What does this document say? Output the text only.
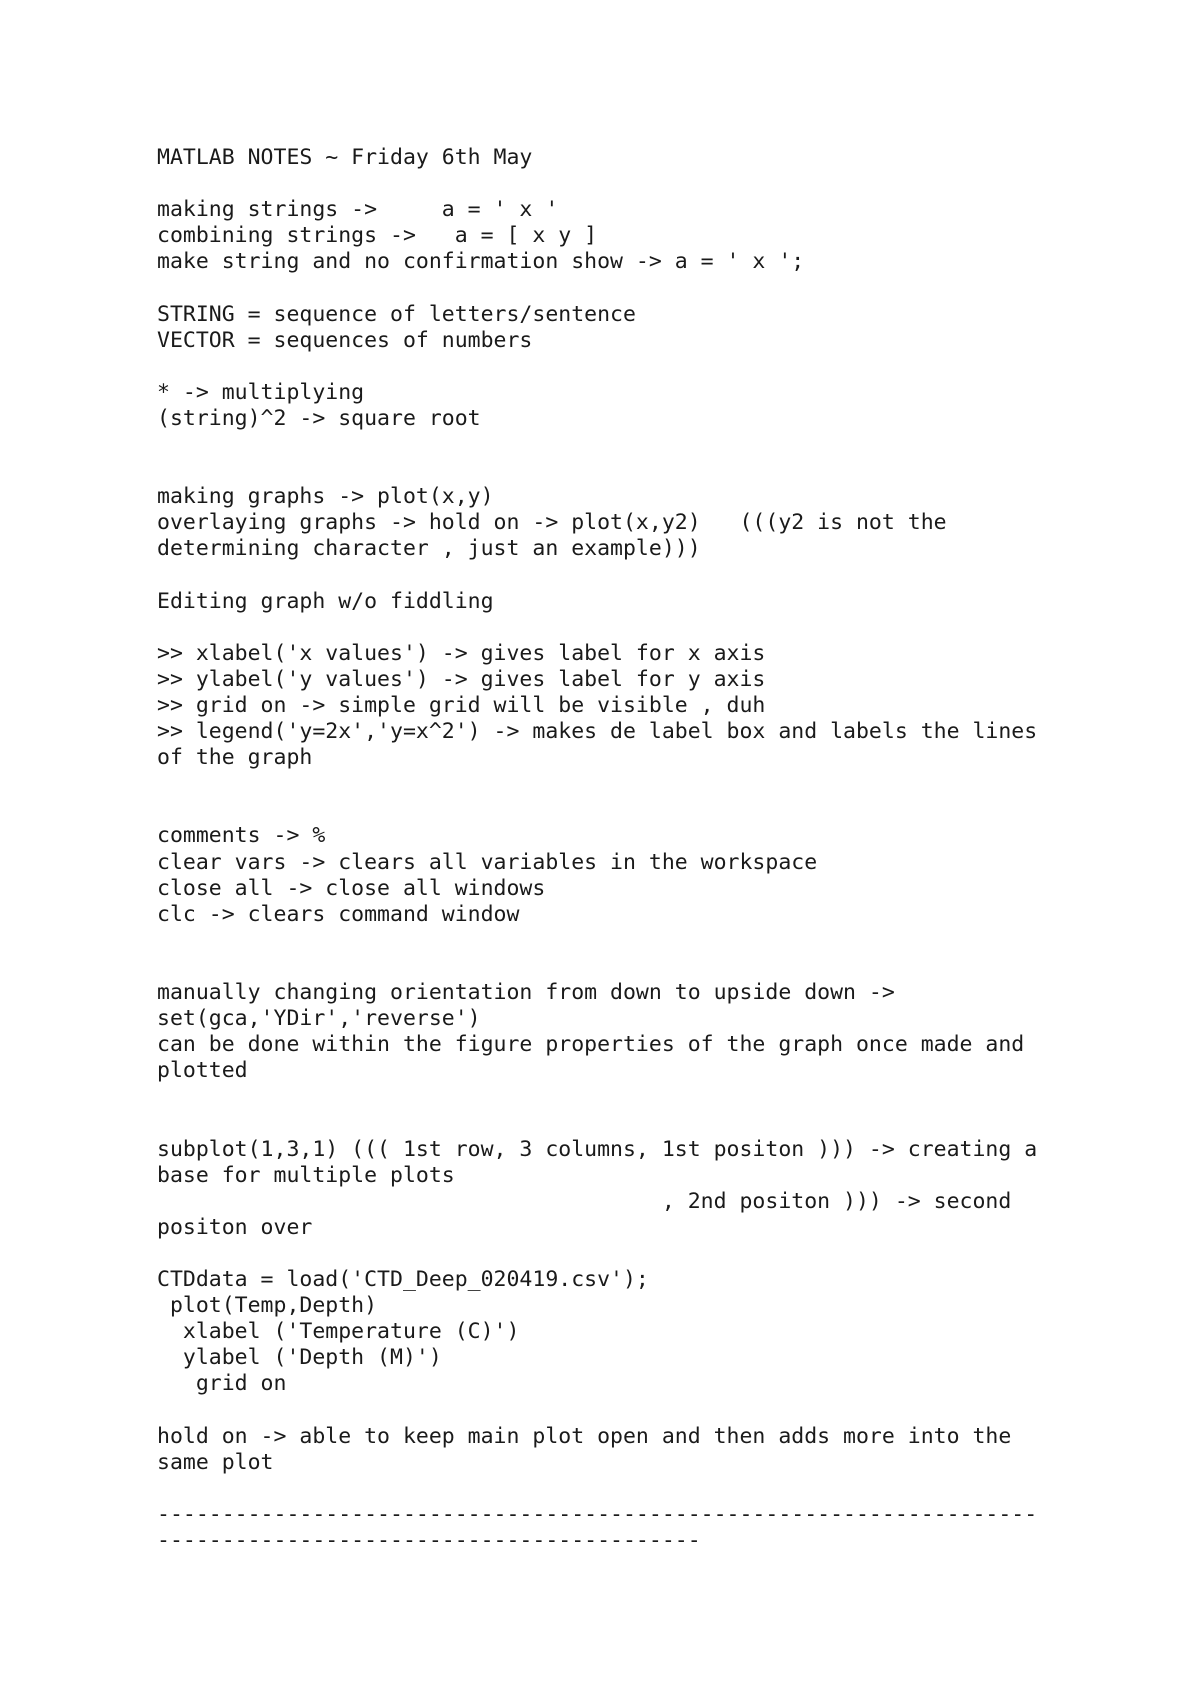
MATLAB NOTES ~ Friday 6th May

making strings ->     a = ' x '
combining strings ->   a = [ x y ]
make string and no confirmation show -> a = ' x ';

STRING = sequence of letters/sentence
VECTOR = sequences of numbers

* -> multiplying
(string)^2 -> square root

making graphs -> plot(x,y)
overlaying graphs -> hold on -> plot(x,y2)   (((y2 is not the
determining character , just an example)))

Editing graph w/o fiddling

>> xlabel('x values') -> gives label for x axis
>> ylabel('y values') -> gives label for y axis
>> grid on -> simple grid will be visible , duh
>> legend('y=2x','y=x^2') -> makes de label box and labels the lines
of the graph

comments -> %
clear vars -> clears all variables in the workspace
close all -> close all windows
clc -> clears command window

manually changing orientation from down to upside down ->
set(gca,'YDir','reverse')
can be done within the figure properties of the graph once made and
plotted

subplot(1,3,1) ((( 1st row, 3 columns, 1st positon ))) -> creating a
base for multiple plots
, 2nd positon ))) -> second
positon over

CTDdata = load('CTD_Deep_020419.csv');
plot(Temp,Depth)
xlabel ('Temperature (C)')
ylabel ('Depth (M)')
grid on

hold on -> able to keep main plot open and then adds more into the
same plot

--------------------------------------------------------------------
------------------------------------------
